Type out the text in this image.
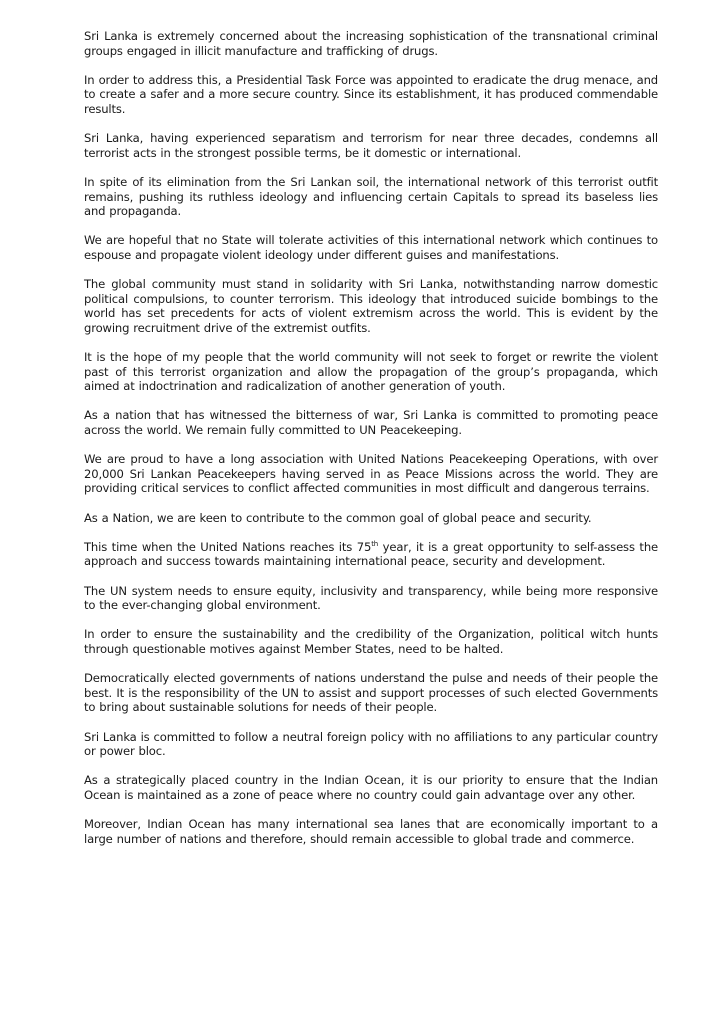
Sri Lanka is extremely concerned about the increasing sophistication of the transnational criminal groups engaged in illicit manufacture and trafficking of drugs.

In order to address this, a Presidential Task Force was appointed to eradicate the drug menace, and to create a safer and a more secure country. Since its establishment, it has produced commendable results.

Sri Lanka, having experienced separatism and terrorism for near three decades, condemns all terrorist acts in the strongest possible terms, be it domestic or international.

In spite of its elimination from the Sri Lankan soil, the international network of this terrorist outfit remains, pushing its ruthless ideology and influencing certain Capitals to spread its baseless lies and propaganda.

We are hopeful that no State will tolerate activities of this international network which continues to espouse and propagate violent ideology under different guises and manifestations.

The global community must stand in solidarity with Sri Lanka, notwithstanding narrow domestic political compulsions, to counter terrorism. This ideology that introduced suicide bombings to the world has set precedents for acts of violent extremism across the world. This is evident by the growing recruitment drive of the extremist outfits.

It is the hope of my people that the world community will not seek to forget or rewrite the violent past of this terrorist organization and allow the propagation of the group’s propaganda, which aimed at indoctrination and radicalization of another generation of youth.

As a nation that has witnessed the bitterness of war, Sri Lanka is committed to promoting peace across the world. We remain fully committed to UN Peacekeeping.

We are proud to have a long association with United Nations Peacekeeping Operations, with over 20,000 Sri Lankan Peacekeepers having served in as Peace Missions across the world. They are providing critical services to conflict affected communities in most difficult and dangerous terrains.

As a Nation, we are keen to contribute to the common goal of global peace and security.

This time when the United Nations reaches its 75th year, it is a great opportunity to self-assess the approach and success towards maintaining international peace, security and development.

The UN system needs to ensure equity, inclusivity and transparency, while being more responsive to the ever-changing global environment.

In order to ensure the sustainability and the credibility of the Organization, political witch hunts through questionable motives against Member States, need to be halted.

Democratically elected governments of nations understand the pulse and needs of their people the best. It is the responsibility of the UN to assist and support processes of such elected Governments to bring about sustainable solutions for needs of their people.

Sri Lanka is committed to follow a neutral foreign policy with no affiliations to any particular country or power bloc.

As a strategically placed country in the Indian Ocean, it is our priority to ensure that the Indian Ocean is maintained as a zone of peace where no country could gain advantage over any other.

Moreover, Indian Ocean has many international sea lanes that are economically important to a large number of nations and therefore, should remain accessible to global trade and commerce.
